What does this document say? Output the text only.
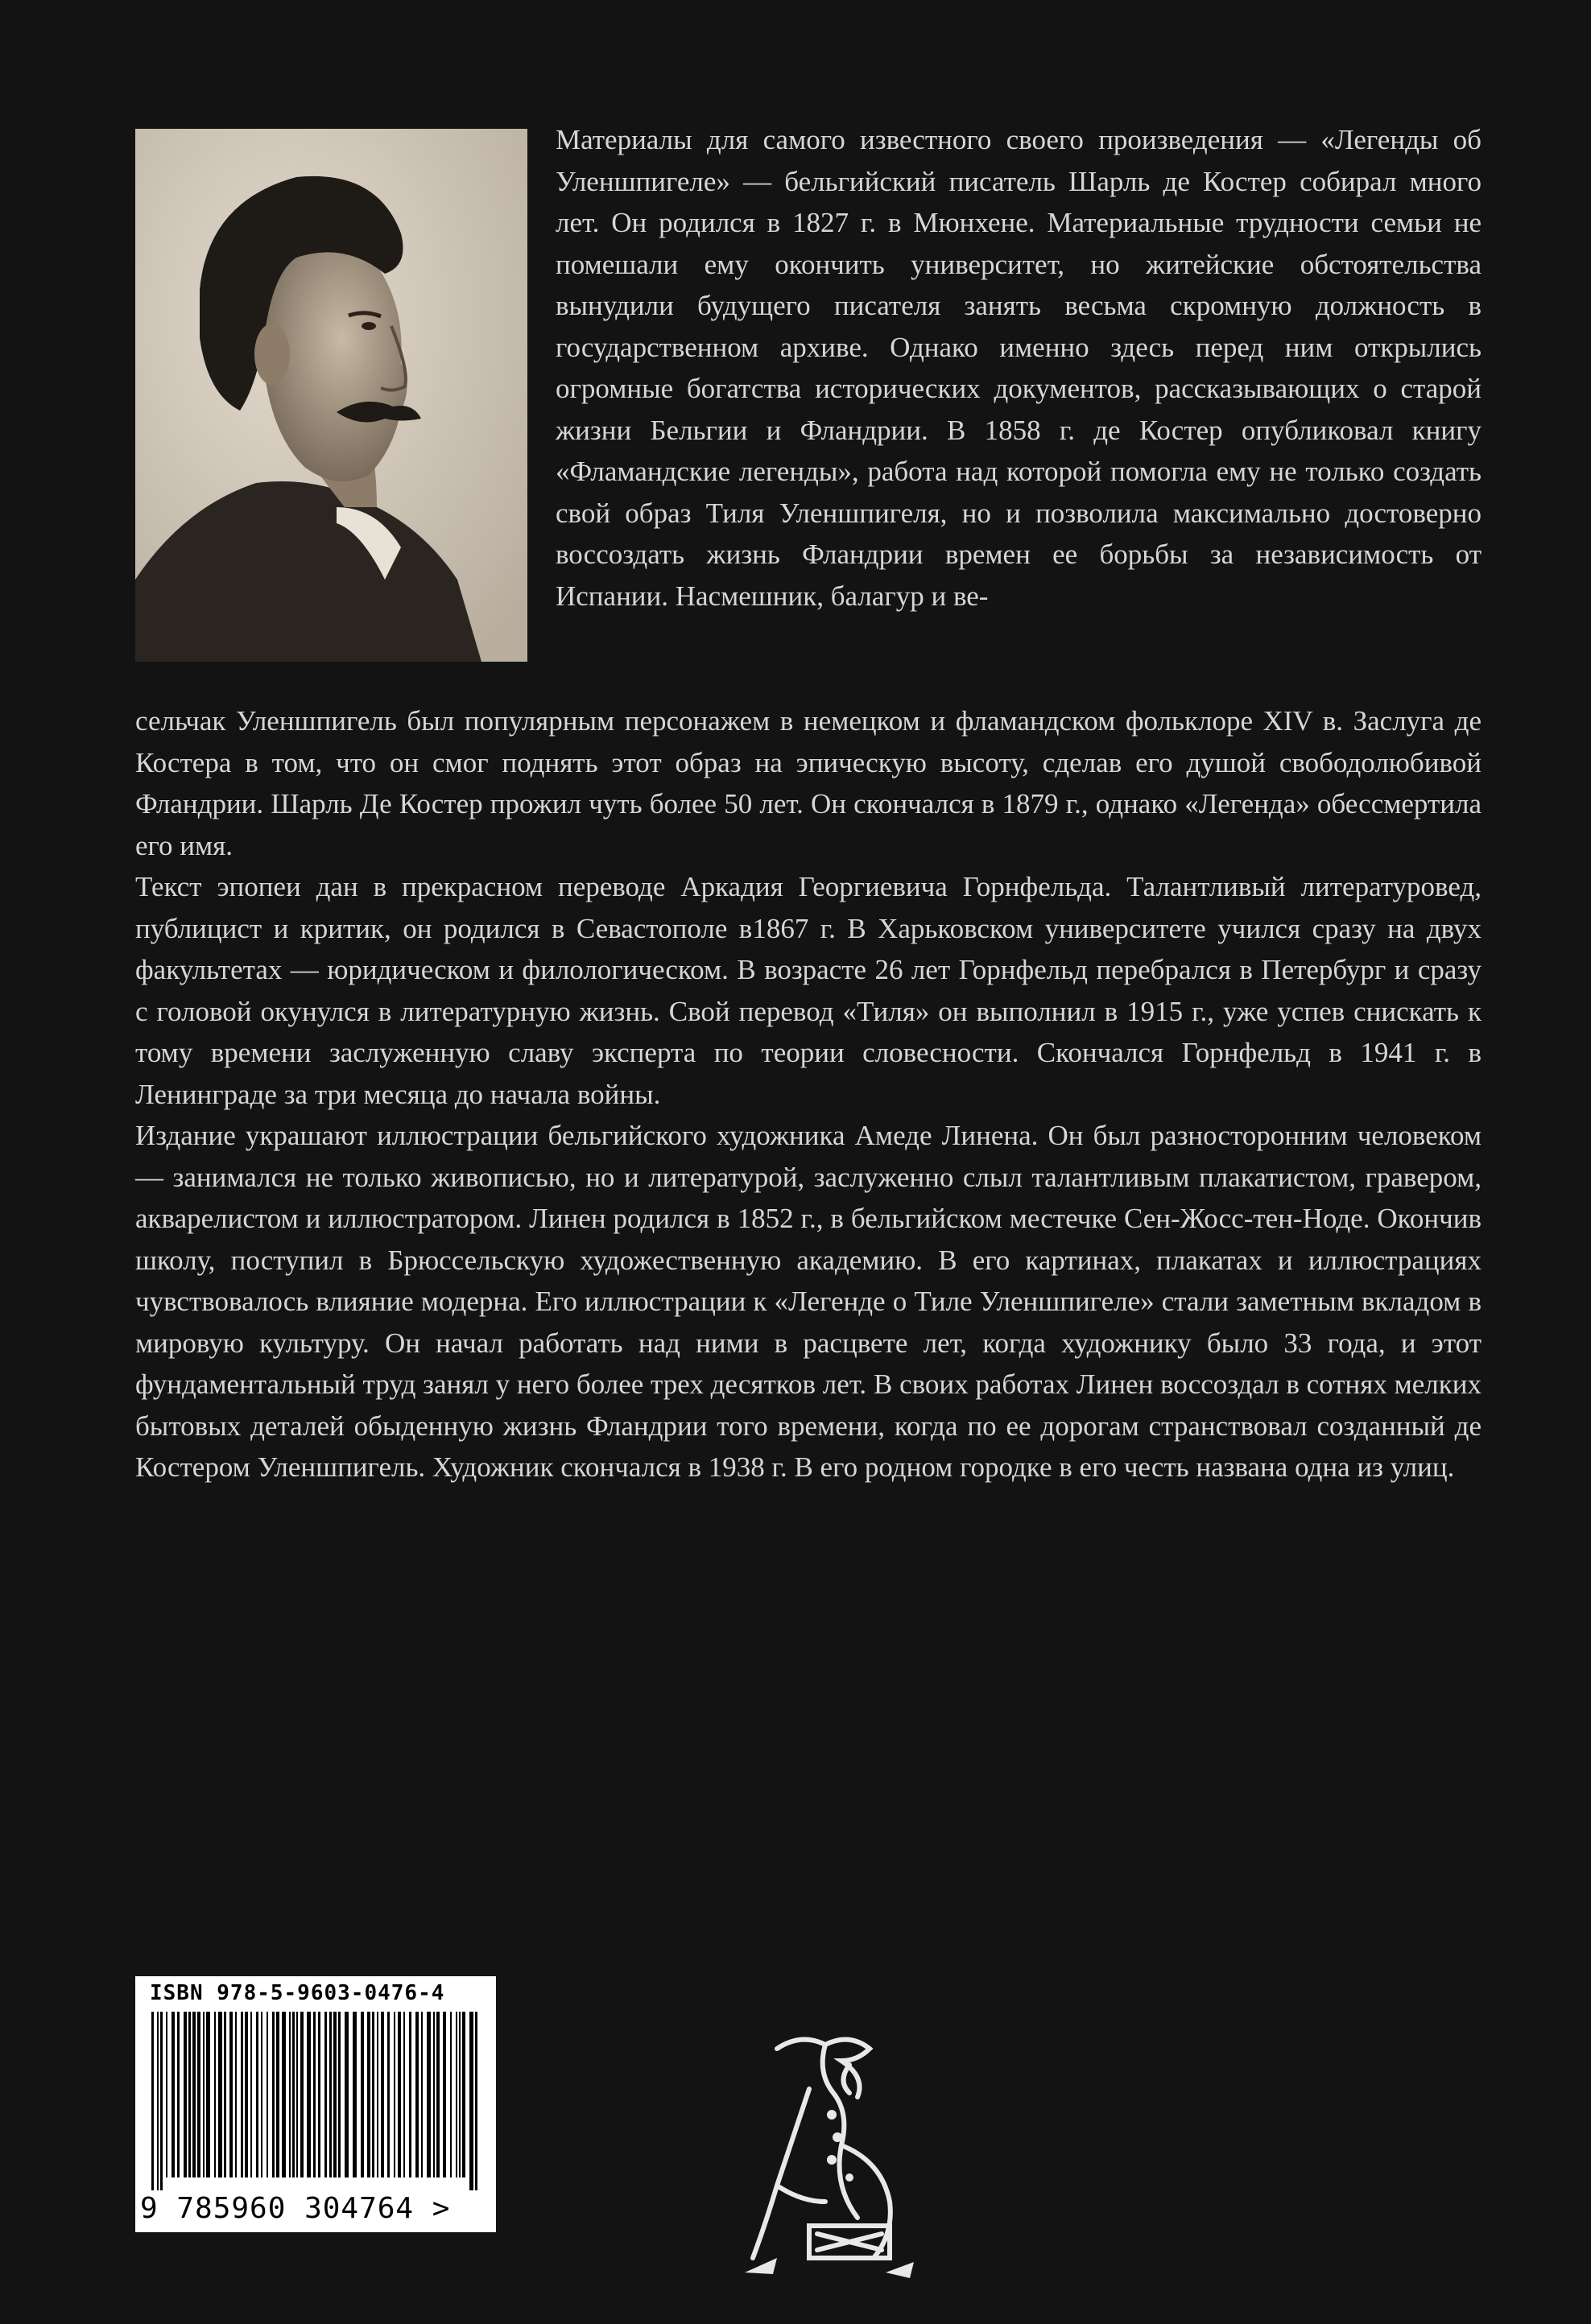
Материалы для самого известного своего произведения — «Легенды об Уленшпигеле» — бельгийский писатель Шарль де Костер собирал много лет. Он родился в 1827 г. в Мюнхене. Материальные трудности семьи не помешали ему окончить университет, но житейские обстоятельства вынудили будущего писателя занять весьма скромную должность в государственном архиве. Однако именно здесь перед ним открылись огромные богатства исторических документов, рассказывающих о старой жизни Бельгии и Фландрии. В 1858 г. де Костер опубликовал книгу «Фламандские легенды», работа над которой помогла ему не только создать свой образ Тиля Уленшпигеля, но и позволила максимально достоверно воссоздать жизнь Фландрии времен ее борьбы за независимость от Испании. Насмешник, балагур и ве-
сельчак Уленшпигель был популярным персонажем в немецком и фламандском фольклоре XIV в. Заслуга де Костера в том, что он смог поднять этот образ на эпическую высоту, сделав его душой свободолюбивой Фландрии. Шарль Де Костер прожил чуть более 50 лет. Он скончался в 1879 г., однако «Легенда» обессмертила его имя.
Текст эпопеи дан в прекрасном переводе Аркадия Георгиевича Горнфельда. Талантливый литературовед, публицист и критик, он родился в Севастополе в1867 г. В Харьковском университете учился сразу на двух факультетах — юридическом и филологическом. В возрасте 26 лет Горнфельд перебрался в Петербург и сразу с головой окунулся в литературную жизнь. Свой перевод «Тиля» он выполнил в 1915 г., уже успев снискать к тому времени заслуженную славу эксперта по теории словесности. Скончался Горнфельд в 1941 г. в Ленинграде за три месяца до начала войны.
Издание украшают иллюстрации бельгийского художника Амеде Линена. Он был разносторонним человеком — занимался не только живописью, но и литературой, заслуженно слыл талантливым плакатистом, гравером, акварелистом и иллюстратором. Линен родился в 1852 г., в бельгийском местечке Сен-Жосс-тен-Ноде. Окончив школу, поступил в Брюссельскую художественную академию. В его картинах, плакатах и иллюстрациях чувствовалось влияние модерна. Его иллюстрации к «Легенде о Тиле Уленшпигеле» стали заметным вкладом в мировую культуру. Он начал работать над ними в расцвете лет, когда художнику было 33 года, и этот фундаментальный труд занял у него более трех десятков лет. В своих работах Линен воссоздал в сотнях мелких бытовых деталей обыденную жизнь Фландрии того времени, когда по ее дорогам странствовал созданный де Костером Уленшпигель. Художник скончался в 1938 г. В его родном городке в его честь названа одна из улиц.
ISBN 978-5-9603-0476-4
9 785960 304764 >
